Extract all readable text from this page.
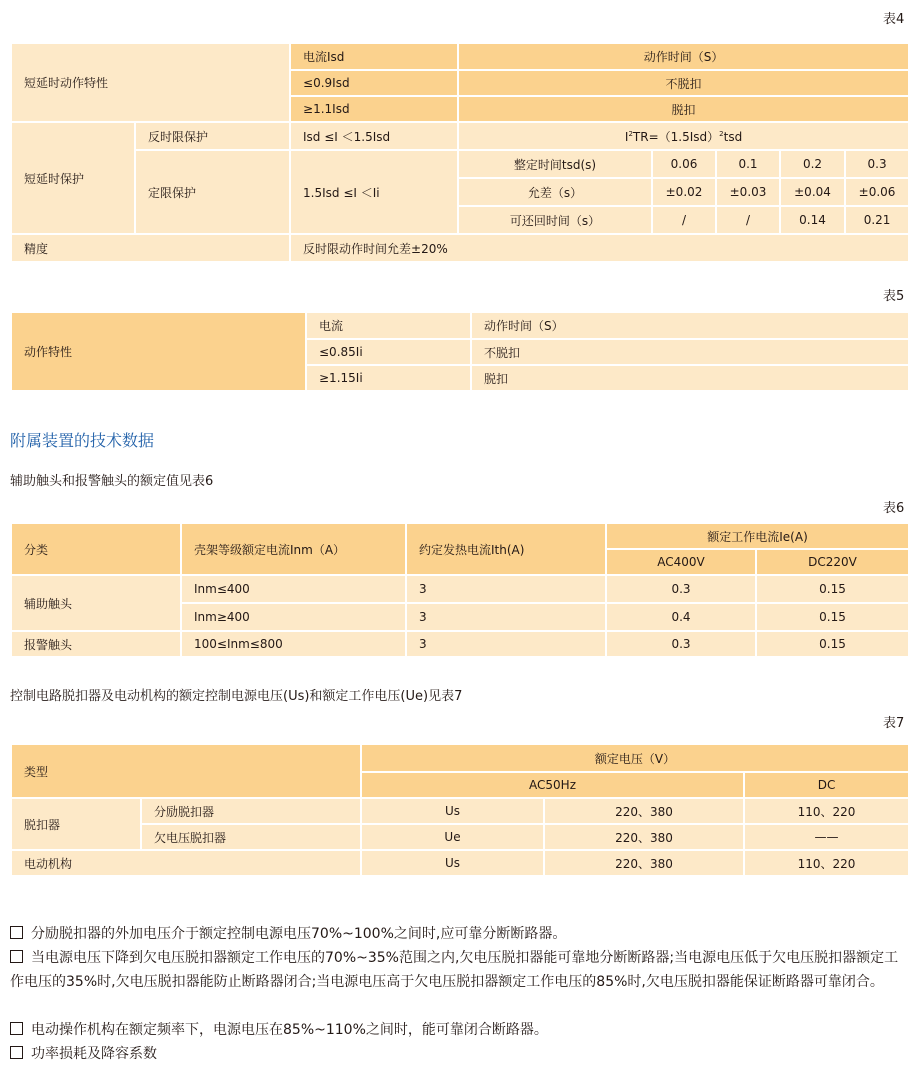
表4
短延时动作特性		电流Isd	动作时间（S）				
		≤0.9Isd	不脱扣				
		≥1.1Isd	脱扣				
短延时保护	反时限保护	Isd ≤I ＜1.5Isd	$I^2TR=(1.5Isd)^2tsd$				
	定限保护	1.5Isd ≤I ＜Ii	整定时间tsd(s)	0.06	0.1	0.2	0.3
			允差（s）	±0.02	±0.03	±0.04	±0.06
			可还回时间（s）	/	/	0.14	0.21
精度		反时限动作时间允差±20%					
表5
动作特性	电流	动作时间（S）
	≤0.85Ii	不脱扣
	≥1.15Ii	脱扣
附属装置的技术数据
辅助触头和报警触头的额定值见表6
表6
分类	壳架等级额定电流Inm（A）	约定发热电流Ith(A)	额定工作电流Ie(A)	
			AC400V	DC220V
辅助触头	Inm≤400	3	0.3	0.15
	Inm≥400	3	0.4	0.15
报警触头	100≤Inm≤800	3	0.3	0.15
控制电路脱扣器及电动机构的额定控制电源电压(Us)和额定工作电压(Ue)见表7
表7
类型		额定电压（V）		
		AC50Hz		DC
脱扣器	分励脱扣器	Us	220、380	110、220
	欠电压脱扣器	Ue	220、380	——
电动机构		Us	220、380	110、220
分励脱扣器的外加电压介于额定控制电源电压70%~100%之间时,应可靠分断断路器。
当电源电压下降到欠电压脱扣器额定工作电压的70%~35%范围之内,欠电压脱扣器能可靠地分断断路器;当电源电压低于欠电压脱扣器额定工作电压的35%时,欠电压脱扣器能防止断路器闭合;当电源电压高于欠电压脱扣器额定工作电压的85%时,欠电压脱扣器能保证断路器可靠闭合。
电动操作机构在额定频率下，电源电压在85%~110%之间时，能可靠闭合断路器。
功率损耗及降容系数
